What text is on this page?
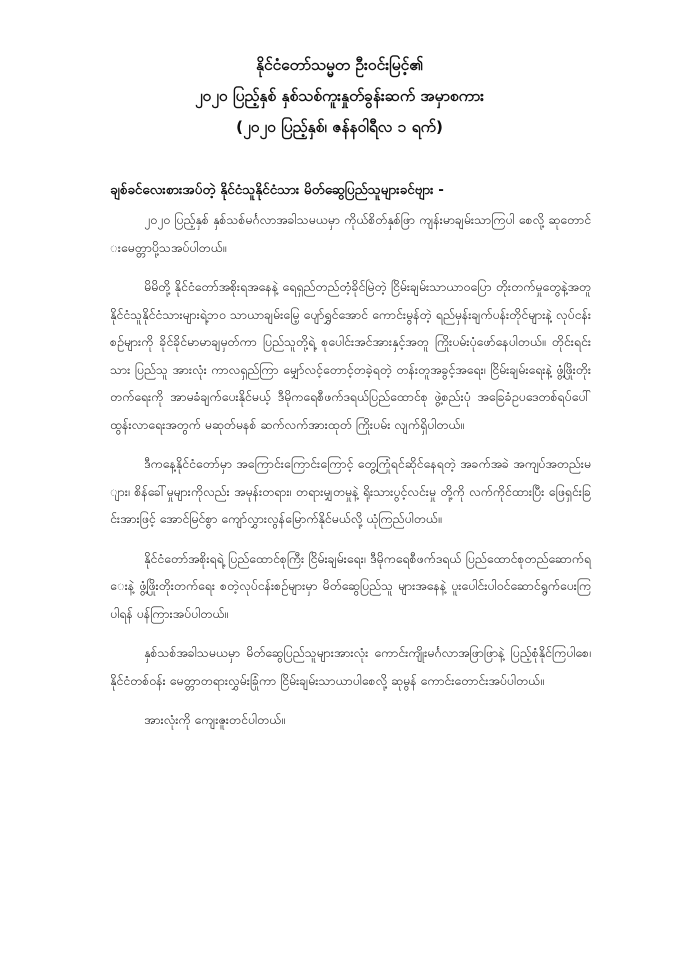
နိုင်ငံတော်သမ္မတ ဦးဝင်းမြင့်၏

၂၀၂၀ ပြည့်နှစ် နှစ်သစ်ကူးနှုတ်ခွန်းဆက် အမှာစကား

(၂၀၂၀ ပြည့်နှစ်၊ ဇန်နဝါရီလ ၁ ရက်)

ချစ်ခင်လေးစားအပ်တဲ့ နိုင်ငံသူနိုင်ငံသား မိတ်ဆွေပြည်သူများခင်ဗျား -

၂၀၂၀ ပြည့်နှစ် နှစ်သစ်မင်္ဂလာအခါသမယမှာ ကိုယ်စိတ်နှစ်ဖြာ ကျန်းမာချမ်းသာကြပါ စေလို့ ဆုတောင်းမေတ္တာပို့သအပ်ပါတယ်။

မိမိတို့ နိုင်ငံတော်အစိုးရအနေနဲ့ ရေရှည်တည်တံ့ခိုင်မြဲတဲ့ ငြိမ်းချမ်းသာယာဝပြော တိုးတက်မှုတွေနဲ့အတူ နိုင်ငံသူနိုင်ငံသားများရဲ့ဘဝ သာယာချမ်းမြေ့ ပျော်ရွှင်အောင် ကောင်းမွန်တဲ့ ရည်မှန်းချက်ပန်းတိုင်များနဲ့ လုပ်ငန်းစဉ်များကို ခိုင်ခိုင်မာမာချမှတ်ကာ ပြည်သူတို့ရဲ့ စုပေါင်းအင်အားနှင့်အတူ ကြိုးပမ်းပုံဖော်နေပါတယ်။ တိုင်းရင်းသား ပြည်သူ အားလုံး ကာလရှည်ကြာ မျှော်လင့်တောင့်တခဲ့ရတဲ့ တန်းတူအခွင့်အရေး၊ ငြိမ်းချမ်းရေးနဲ့ ဖွံ့ဖြိုးတိုးတက်ရေးကို အာမခံချက်ပေးနိုင်မယ့် ဒီမိုကရေစီဖက်ဒရယ်ပြည်ထောင်စု ဖွဲ့စည်းပုံ အခြေခံဥပဒေတစ်ရပ်ပေါ်ထွန်းလာရေးအတွက် မဆုတ်မနစ် ဆက်လက်အားထုတ် ကြိုးပမ်း လျက်ရှိပါတယ်။

ဒီကနေ့နိုင်ငံတော်မှာ အကြောင်းကြောင်းကြောင့် တွေ့ကြုံရင်ဆိုင်နေရတဲ့ အခက်အခဲ အကျပ်အတည်းများ၊ စိန်ခေါ်မှုများကိုလည်း အမုန်းတရား၊ တရားမျှတမှုနဲ့ ရိုးသားပွင့်လင်းမှု တို့ကို လက်ကိုင်ထားပြီး ဖြေရှင်းခြင်းအားဖြင့် အောင်မြင်စွာ ကျော်လွှားလွန်မြောက်နိုင်မယ်လို့ ယုံကြည်ပါတယ်။

နိုင်ငံတော်အစိုးရရဲ့ ပြည်ထောင်စုကြီး ငြိမ်းချမ်းရေး၊ ဒီမိုကရေစီဖက်ဒရယ် ပြည်ထောင်စုတည်ဆောက်ရေးနဲ့ ဖွံ့ဖြိုးတိုးတက်ရေး စတဲ့လုပ်ငန်းစဉ်များမှာ မိတ်ဆွေပြည်သူ များအနေနဲ့ ပူးပေါင်းပါဝင်ဆောင်ရွက်ပေးကြပါရန် ပန်ကြားအပ်ပါတယ်။

နှစ်သစ်အခါသမယမှာ မိတ်ဆွေပြည်သူများအားလုံး ကောင်းကျိုးမင်္ဂလာအဖြာဖြာနဲ့ ပြည့်စုံနိုင်ကြပါစေ၊ နိုင်ငံတစ်ဝန်း မေတ္တာတရားလွှမ်းခြုံကာ ငြိမ်းချမ်းသာယာပါစေလို့ ဆုမွန် ကောင်းတောင်းအပ်ပါတယ်။

အားလုံးကို ကျေးဇူးတင်ပါတယ်။
